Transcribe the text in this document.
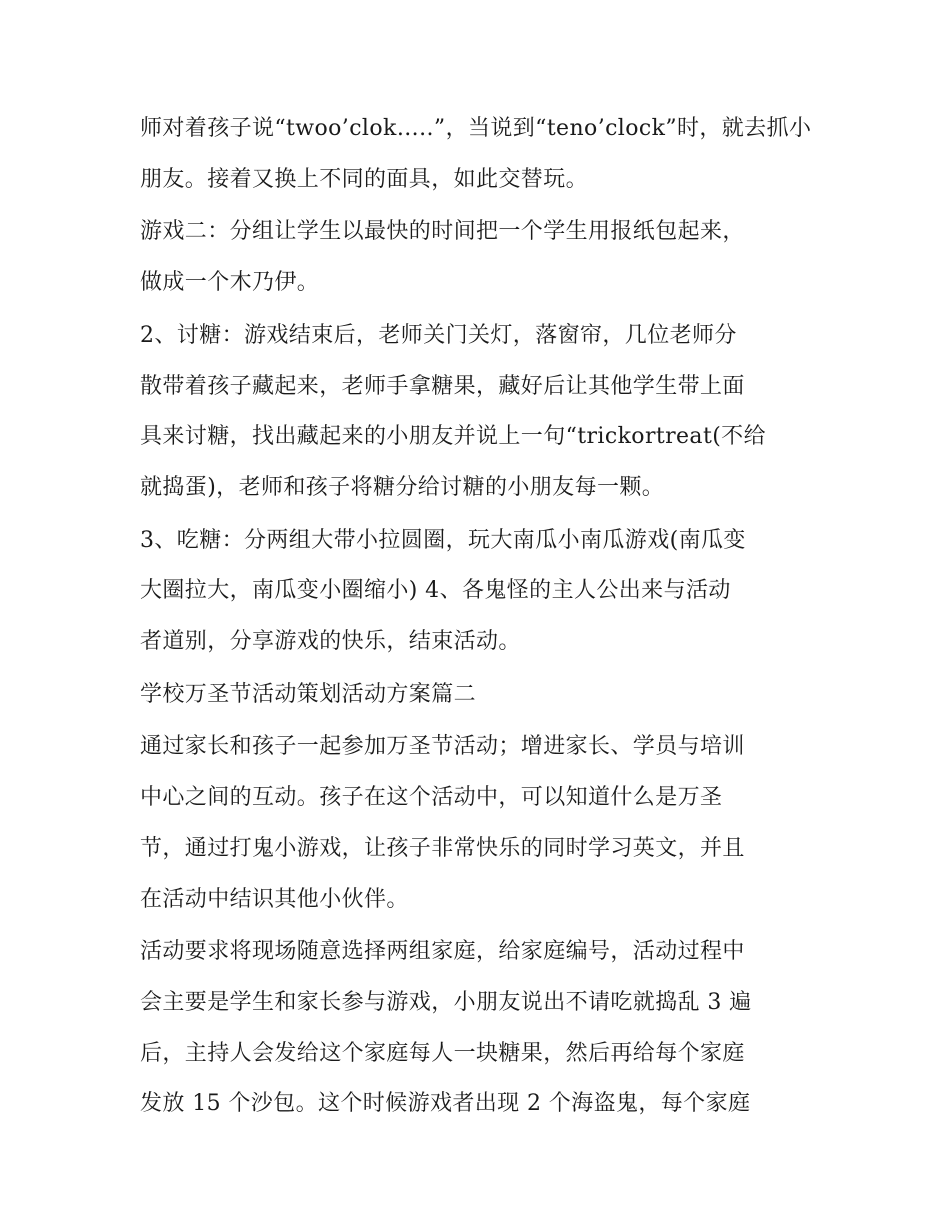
师对着孩子说“twoo’clok…..”，当说到“teno’clock”时，就去抓小
朋友。接着又换上不同的面具，如此交替玩。

游戏二：分组让学生以最快的时间把一个学生用报纸包起来，
做成一个木乃伊。

2、讨糖：游戏结束后，老师关门关灯，落窗帘，几位老师分
散带着孩子藏起来，老师手拿糖果，藏好后让其他学生带上面
具来讨糖，找出藏起来的小朋友并说上一句“trickortreat(不给
就捣蛋)，老师和孩子将糖分给讨糖的小朋友每一颗。

3、吃糖：分两组大带小拉圆圈，玩大南瓜小南瓜游戏(南瓜变
大圈拉大，南瓜变小圈缩小) 4、各鬼怪的主人公出来与活动
者道别，分享游戏的快乐，结束活动。

学校万圣节活动策划活动方案篇二

通过家长和孩子一起参加万圣节活动；增进家长、学员与培训
中心之间的互动。孩子在这个活动中，可以知道什么是万圣
节，通过打鬼小游戏，让孩子非常快乐的同时学习英文，并且
在活动中结识其他小伙伴。

活动要求将现场随意选择两组家庭，给家庭编号，活动过程中
会主要是学生和家长参与游戏，小朋友说出不请吃就捣乱 3 遍
后，主持人会发给这个家庭每人一块糖果，然后再给每个家庭
发放 15 个沙包。这个时候游戏者出现 2 个海盗鬼，每个家庭
